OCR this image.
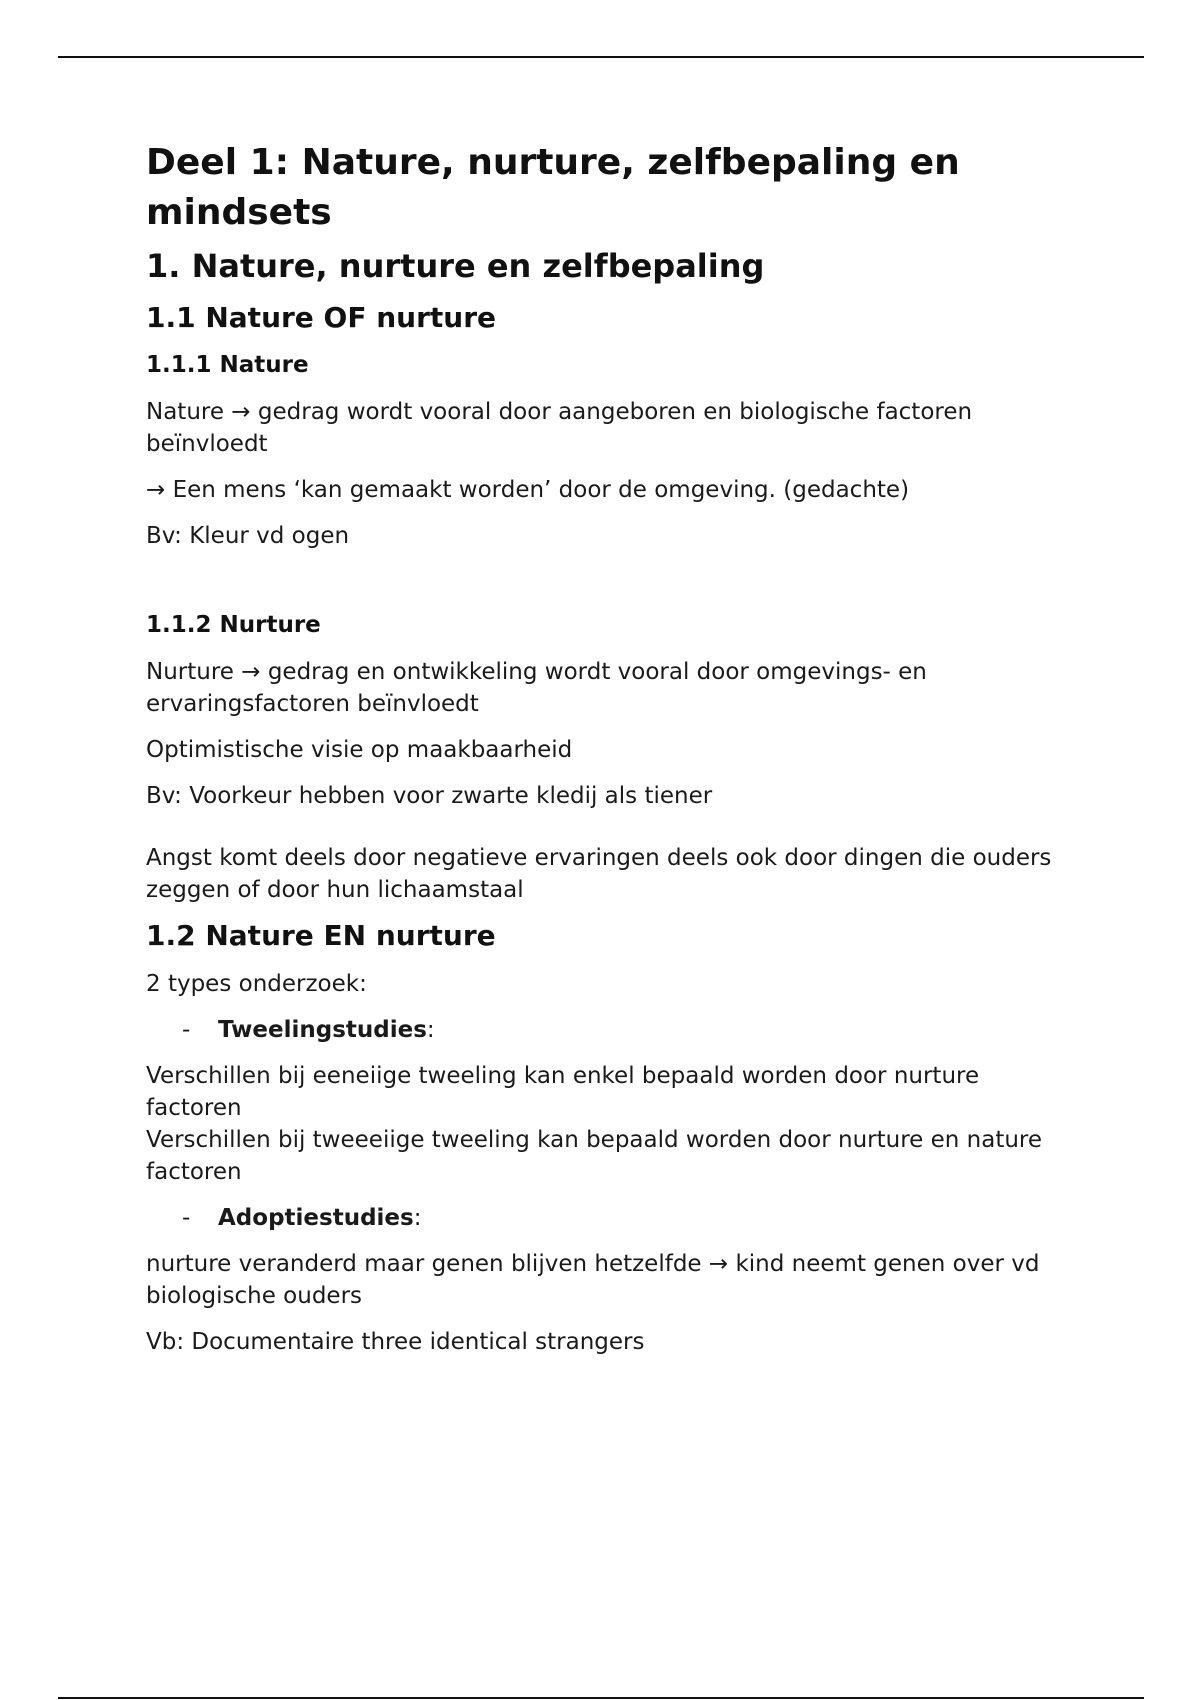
Deel 1: Nature, nurture, zelfbepaling en mindsets
1. Nature, nurture en zelfbepaling
1.1 Nature OF nurture
1.1.1 Nature

Nature → gedrag wordt vooral door aangeboren en biologische factoren beïnvloedt

→ Een mens ‘kan gemaakt worden’ door de omgeving. (gedachte)

Bv: Kleur vd ogen

1.1.2 Nurture

Nurture → gedrag en ontwikkeling wordt vooral door omgevings- en ervaringsfactoren beïnvloedt

Optimistische visie op maakbaarheid

Bv: Voorkeur hebben voor zwarte kledij als tiener

Angst komt deels door negatieve ervaringen deels ook door dingen die ouders zeggen of door hun lichaamstaal

1.2 Nature EN nurture

2 types onderzoek:

- Tweelingstudies:

Verschillen bij eeneiige tweeling kan enkel bepaald worden door nurture factoren
Verschillen bij tweeeiige tweeling kan bepaald worden door nurture en nature factoren

- Adoptiestudies:

nurture veranderd maar genen blijven hetzelfde → kind neemt genen over vd biologische ouders

Vb: Documentaire three identical strangers
